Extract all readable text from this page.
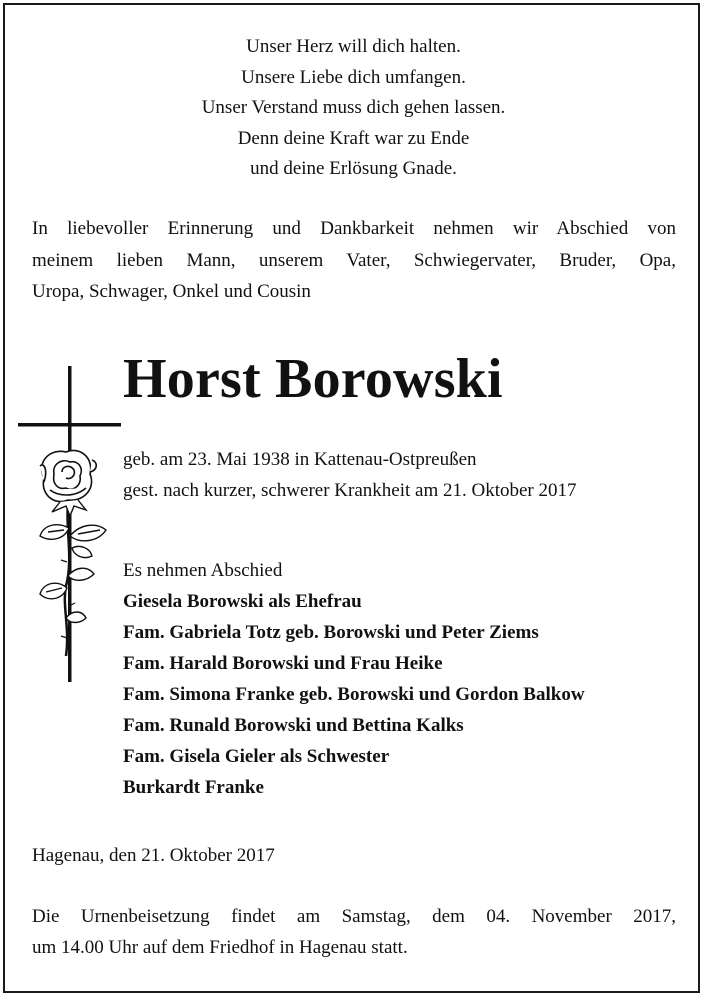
Unser Herz will dich halten.
Unsere Liebe dich umfangen.
Unser Verstand muss dich gehen lassen.
Denn deine Kraft war zu Ende
und deine Erlösung Gnade.
In liebevoller Erinnerung und Dankbarkeit nehmen wir Abschied von
meinem lieben Mann, unserem Vater, Schwiegervater, Bruder, Opa,
Uropa, Schwager, Onkel und Cousin
Horst Borowski
geb. am 23. Mai 1938 in Kattenau-Ostpreußen
gest. nach kurzer, schwerer Krankheit am 21. Oktober 2017
Es nehmen Abschied
Giesela Borowski als Ehefrau
Fam. Gabriela Totz geb. Borowski und Peter Ziems
Fam. Harald Borowski und Frau Heike
Fam. Simona Franke geb. Borowski und Gordon Balkow
Fam. Runald Borowski und Bettina Kalks
Fam. Gisela Gieler als Schwester
Burkardt Franke
Hagenau, den 21. Oktober 2017
Die Urnenbeisetzung findet am Samstag, dem 04. November 2017,
um 14.00 Uhr auf dem Friedhof in Hagenau statt.
